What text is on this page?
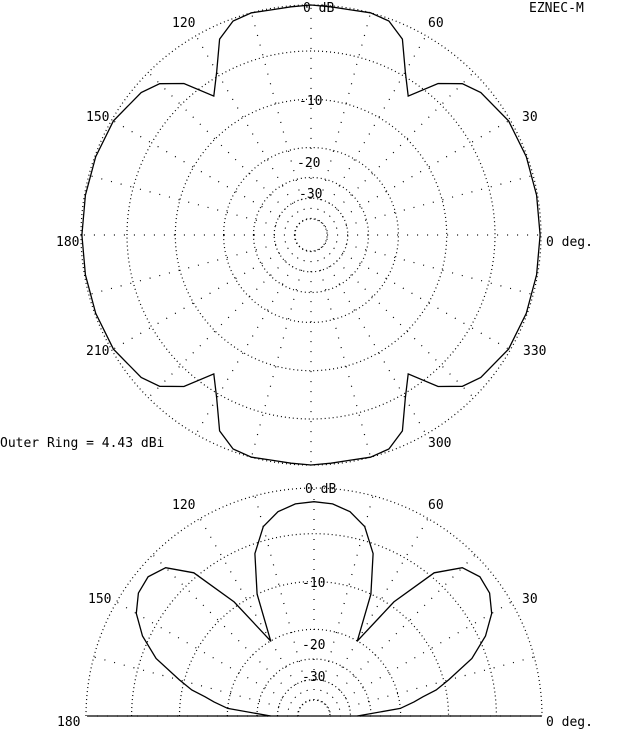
60
30
0 deg.
330
300
210
180
150
120
0 dB
-10
-20
-30
EZNEC-M
Outer Ring = 4.43 dBi
60
30
0 deg.
180
150
120
0 dB
-10
-20
-30
